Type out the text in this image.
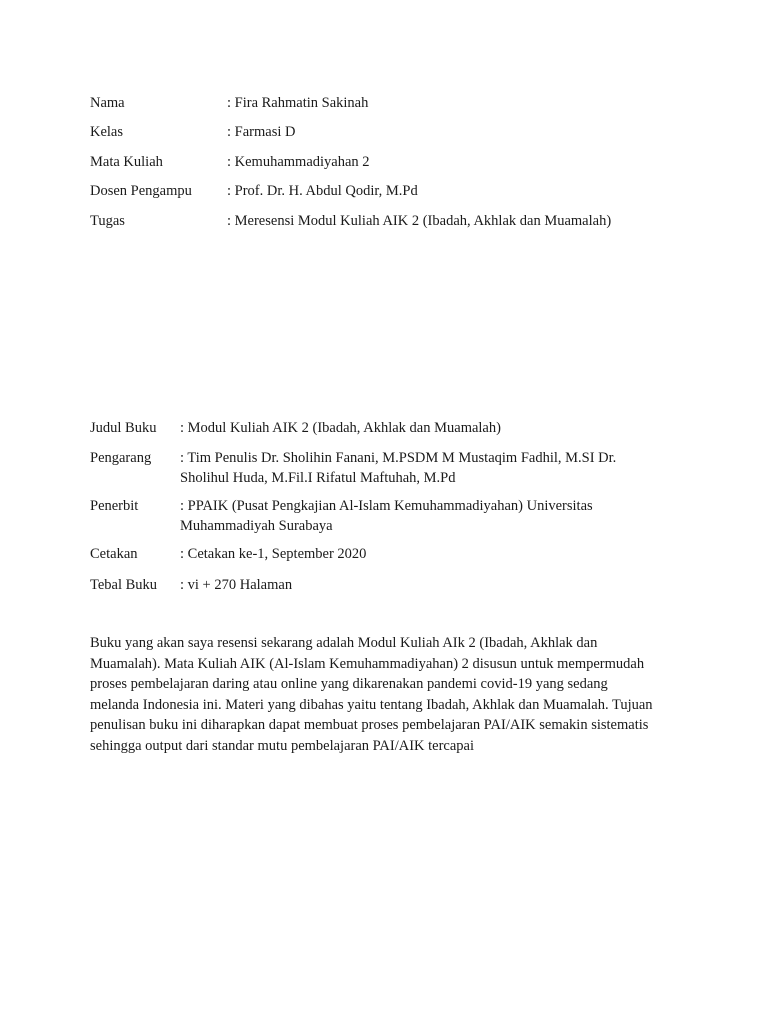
Nama	: Fira Rahmatin Sakinah
Kelas	: Farmasi D
Mata Kuliah	: Kemuhammadiyahan 2
Dosen Pengampu	: Prof. Dr. H. Abdul Qodir, M.Pd
Tugas	: Meresensi Modul Kuliah AIK 2 (Ibadah, Akhlak dan Muamalah)
Judul Buku	: Modul Kuliah AIK 2 (Ibadah, Akhlak dan Muamalah)
Pengarang	: Tim Penulis Dr. Sholihin Fanani, M.PSDM M Mustaqim Fadhil, M.SI Dr.
Sholihul Huda, M.Fil.I Rifatul Maftuhah, M.Pd
Penerbit	: PPAIK (Pusat Pengkajian Al-Islam Kemuhammadiyahan) Universitas
Muhammadiyah Surabaya
Cetakan	: Cetakan ke-1, September 2020
Tebal Buku	: vi + 270 Halaman

Buku yang akan saya resensi sekarang adalah Modul Kuliah AIk 2 (Ibadah, Akhlak dan
Muamalah). Mata Kuliah AIK (Al-Islam Kemuhammadiyahan) 2 disusun untuk mempermudah
proses pembelajaran daring atau online yang dikarenakan pandemi covid-19 yang sedang
melanda Indonesia ini. Materi yang dibahas yaitu tentang Ibadah, Akhlak dan Muamalah. Tujuan
penulisan buku ini diharapkan dapat membuat proses pembelajaran PAI/AIK semakin sistematis
sehingga output dari standar mutu pembelajaran PAI/AIK tercapai
